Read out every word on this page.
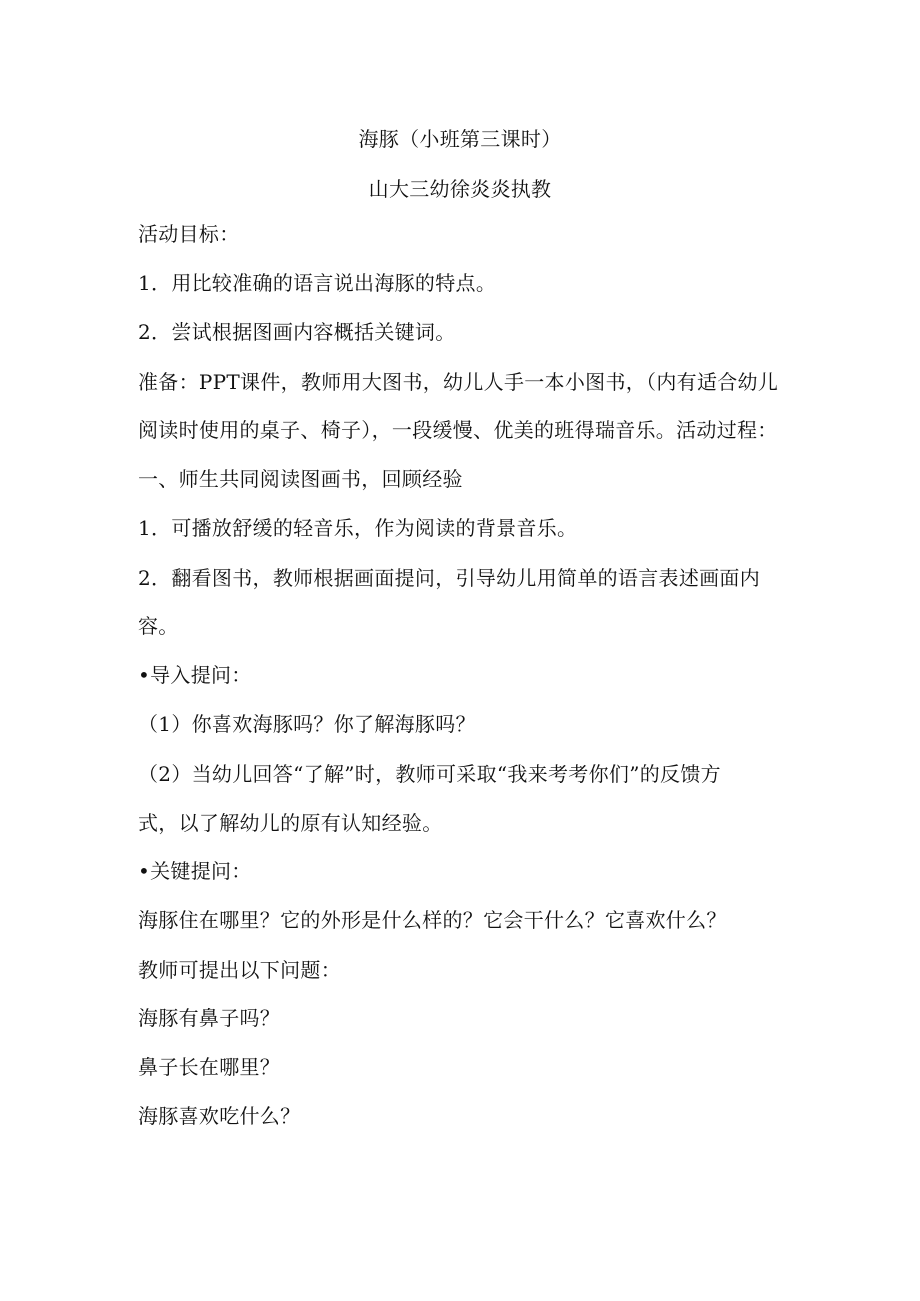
海豚（小班第三课时）
山大三幼徐炎炎执教
活动目标：
1．用比较准确的语言说出海豚的特点。
2．尝试根据图画内容概括关键词。
准备：PPT课件，教师用大图书，幼儿人手一本小图书，（内有适合幼儿
阅读时使用的桌子、椅子），一段缓慢、优美的班得瑞音乐。活动过程：
一、师生共同阅读图画书，回顾经验
1．可播放舒缓的轻音乐，作为阅读的背景音乐。
2．翻看图书，教师根据画面提问，引导幼儿用简单的语言表述画面内
容。
•导入提问：
（1）你喜欢海豚吗？你了解海豚吗？
（2）当幼儿回答“了解”时，教师可采取“我来考考你们”的反馈方
式，以了解幼儿的原有认知经验。
•关键提问：
海豚住在哪里？它的外形是什么样的？它会干什么？它喜欢什么？
教师可提出以下问题：
海豚有鼻子吗？
鼻子长在哪里？
海豚喜欢吃什么？
